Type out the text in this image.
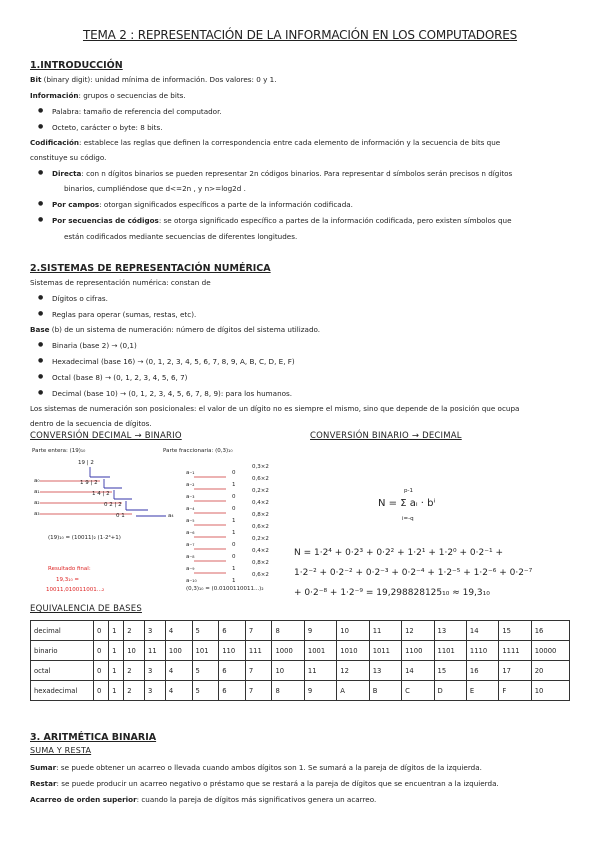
TEMA 2 : REPRESENTACIÓN DE LA INFORMACIÓN EN LOS COMPUTADORES
1.INTRODUCCIÓN
Bit (binary digit): unidad mínima de información. Dos valores: 0 y 1.
Información: grupos o secuencias de bits.
● Palabra: tamaño de referencia del computador.
● Octeto, carácter o byte: 8 bits.
Codificación: establece las reglas que definen la correspondencia entre cada elemento de información y la secuencia de bits que
constituye su código.
● Directa: con n dígitos binarios se pueden representar 2n códigos binarios. Para representar d símbolos serán precisos n dígitos
binarios, cumpliéndose que d<=2n , y n>=log2d .
● Por campos: otorgan significados específicos a parte de la información codificada.
● Por secuencias de códigos: se otorga significado específico a partes de la información codificada, pero existen símbolos que
están codificados mediante secuencias de diferentes longitudes.
2.SISTEMAS DE REPRESENTACIÓN NUMÉRICA
Sistemas de representación numérica: constan de
● Dígitos o cifras.
● Reglas para operar (sumas, restas, etc).
Base (b) de un sistema de numeración: número de dígitos del sistema utilizado.
● Binaria (base 2) → (0,1)
● Hexadecimal (base 16) → (0, 1, 2, 3, 4, 5, 6, 7, 8, 9, A, B, C, D, E, F)
● Octal (base 8) → (0, 1, 2, 3, 4, 5, 6, 7)
● Decimal (base 10) → (0, 1, 2, 3, 4, 5, 6, 7, 8, 9): para los humanos.
Los sistemas de numeración son posicionales: el valor de un dígito no es siempre el mismo, sino que depende de la posición que ocupa
dentro de la secuencia de dígitos.
CONVERSIÓN DECIMAL → BINARIO	CONVERSIÓN BINARIO → DECIMAL
Parte entera: (19)₁₀	Parte fraccionaria: (0,3)₁₀
19 | 2
1 9 | 2
1 4 | 2
0 2 | 2
0 1
a₀
a₁
a₂
a₃	a₄
(19)₁₀ = (10011)₂ (1·2⁴+1)
Resultado final:
19,3₁₀ =
10011,010011001...₂
a₋₁	0
0,3×2
a₋₂	1
0,6×2
a₋₃	0
0,2×2
a₋₄	0
0,4×2
a₋₅	1
0,8×2
a₋₆	1
0,6×2
a₋₇	0
0,2×2
a₋₈	0
0,4×2
a₋₉	1
0,8×2
a₋₁₀	1
0,6×2
(0,3)₁₀ = (0.0100110011...)₂
N = Σ aᵢ · bⁱ
p-1
i=-q
N = 1·2⁴ + 0·2³ + 0·2² + 1·2¹ + 1·2⁰ + 0·2⁻¹ +
1·2⁻² + 0·2⁻² + 0·2⁻³ + 0·2⁻⁴ + 1·2⁻⁵ + 1·2⁻⁶ + 0·2⁻⁷
+ 0·2⁻⁸ + 1·2⁻⁹ = 19,298828125₁₀ ≈ 19,3₁₀
EQUIVALENCIA DE BASES
decimal	0	1	2	3	4	5	6	7	8	9	10	11	12	13	14	15	16
binario	0	1	10	11	100	101	110	111	1000	1001	1010	1011	1100	1101	1110	1111	10000
octal	0	1	2	3	4	5	6	7	10	11	12	13	14	15	16	17	20
hexadecimal	0	1	2	3	4	5	6	7	8	9	A	B	C	D	E	F	10
3. ARITMÉTICA BINARIA
SUMA Y RESTA
Sumar: se puede obtener un acarreo o llevada cuando ambos dígitos son 1. Se sumará a la pareja de dígitos de la izquierda.
Restar: se puede producir un acarreo negativo o préstamo que se restará a la pareja de dígitos que se encuentran a la izquierda.
Acarreo de orden superior: cuando la pareja de dígitos más significativos genera un acarreo.
